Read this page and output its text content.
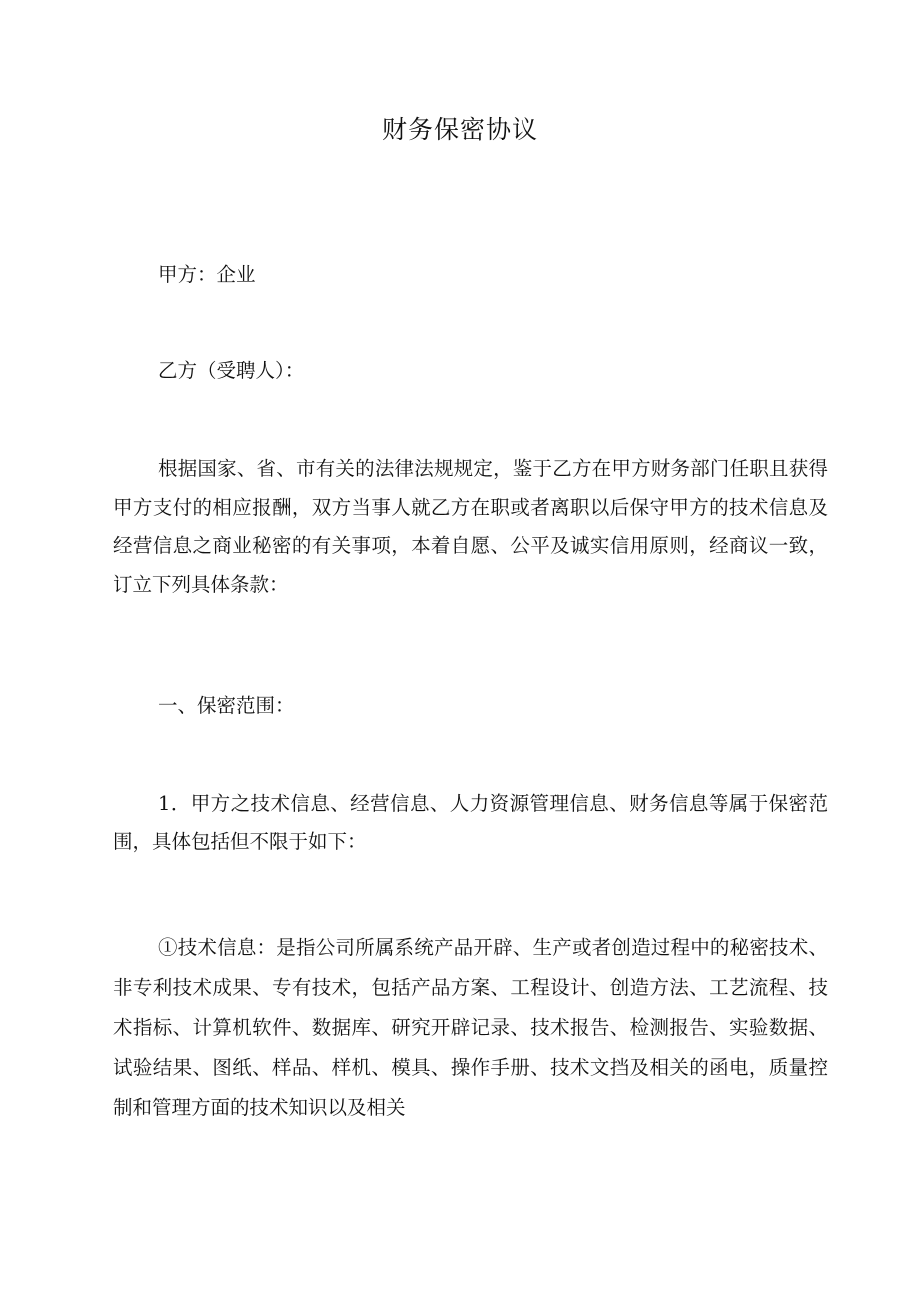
财务保密协议

甲方：企业

乙方（受聘人）：

根据国家、省、市有关的法律法规规定，鉴于乙方在甲方财务部门任职且获得甲方支付的相应报酬，双方当事人就乙方在职或者离职以后保守甲方的技术信息及经营信息之商业秘密的有关事项，本着自愿、公平及诚实信用原则，经商议一致，订立下列具体条款：

一、保密范围：

1．甲方之技术信息、经营信息、人力资源管理信息、财务信息等属于保密范围，具体包括但不限于如下：

①技术信息：是指公司所属系统产品开辟、生产或者创造过程中的秘密技术、非专利技术成果、专有技术，包括产品方案、工程设计、创造方法、工艺流程、技术指标、计算机软件、数据库、研究开辟记录、技术报告、检测报告、实验数据、试验结果、图纸、样品、样机、模具、操作手册、技术文挡及相关的函电，质量控制和管理方面的技术知识以及相关
